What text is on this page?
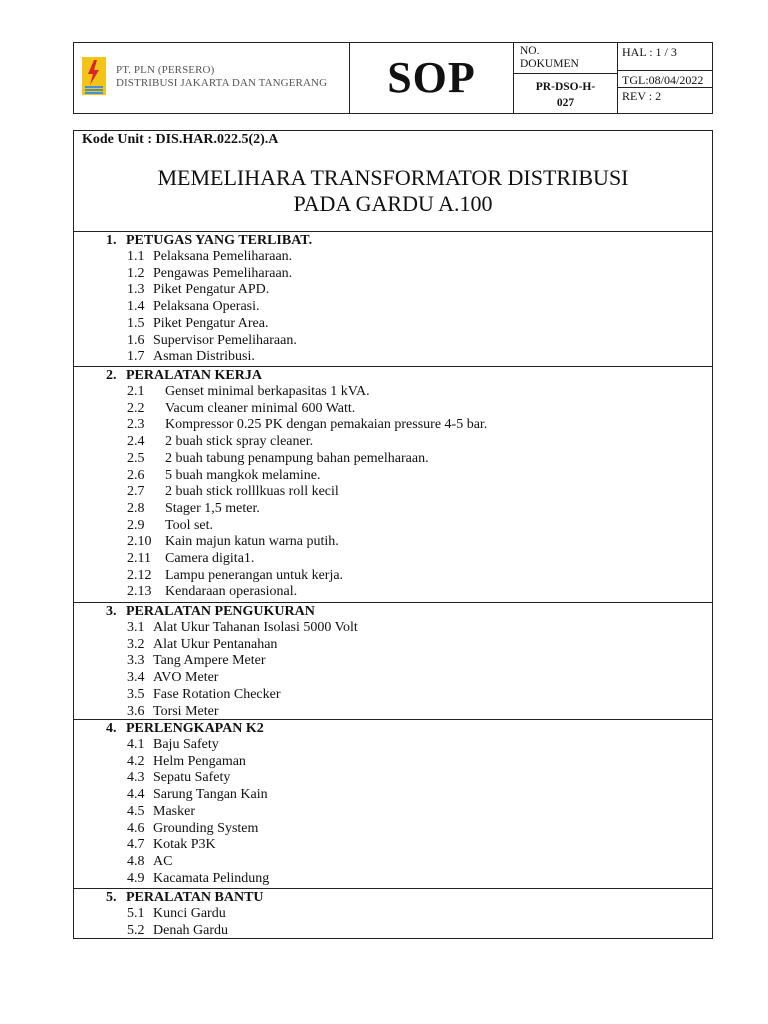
PT. PLN (PERSERO)
DISTRIBUSI JAKARTA DAN TANGERANG SOP
NO.
DOKUMEN
PR-DSO-H-
027
HAL : 1 / 3
TGL:08/04/2022
REV : 2
Kode Unit : DIS.HAR.022.5(2).A
MEMELIHARA TRANSFORMATOR DISTRIBUSI
PADA GARDU A.100
1. PETUGAS YANG TERLIBAT.
1.1 Pelaksana Pemeliharaan.
1.2 Pengawas Pemeliharaan.
1.3 Piket Pengatur APD.
1.4 Pelaksana Operasi.
1.5 Piket Pengatur Area.
1.6 Supervisor Pemeliharaan.
1.7 Asman Distribusi.
2. PERALATAN KERJA
2.1 Genset minimal berkapasitas 1 kVA.
2.2 Vacum cleaner minimal 600 Watt.
2.3 Kompressor 0.25 PK dengan pemakaian pressure 4-5 bar.
2.4 2 buah stick spray cleaner.
2.5 2 buah tabung penampung bahan pemelharaan.
2.6 5 buah mangkok melamine.
2.7 2 buah stick rolllkuas roll kecil
2.8 Stager 1,5 meter.
2.9 Tool set.
2.10 Kain majun katun warna putih.
2.11 Camera digita1.
2.12 Lampu penerangan untuk kerja.
2.13 Kendaraan operasional.
3. PERALATAN PENGUKURAN
3.1 Alat Ukur Tahanan Isolasi 5000 Volt
3.2 Alat Ukur Pentanahan
3.3 Tang Ampere Meter
3.4 AVO Meter
3.5 Fase Rotation Checker
3.6 Torsi Meter
4. PERLENGKAPAN K2
4.1 Baju Safety
4.2 Helm Pengaman
4.3 Sepatu Safety
4.4 Sarung Tangan Kain
4.5 Masker
4.6 Grounding System
4.7 Kotak P3K
4.8 AC
4.9 Kacamata Pelindung
5. PERALATAN BANTU
5.1 Kunci Gardu
5.2 Denah Gardu
